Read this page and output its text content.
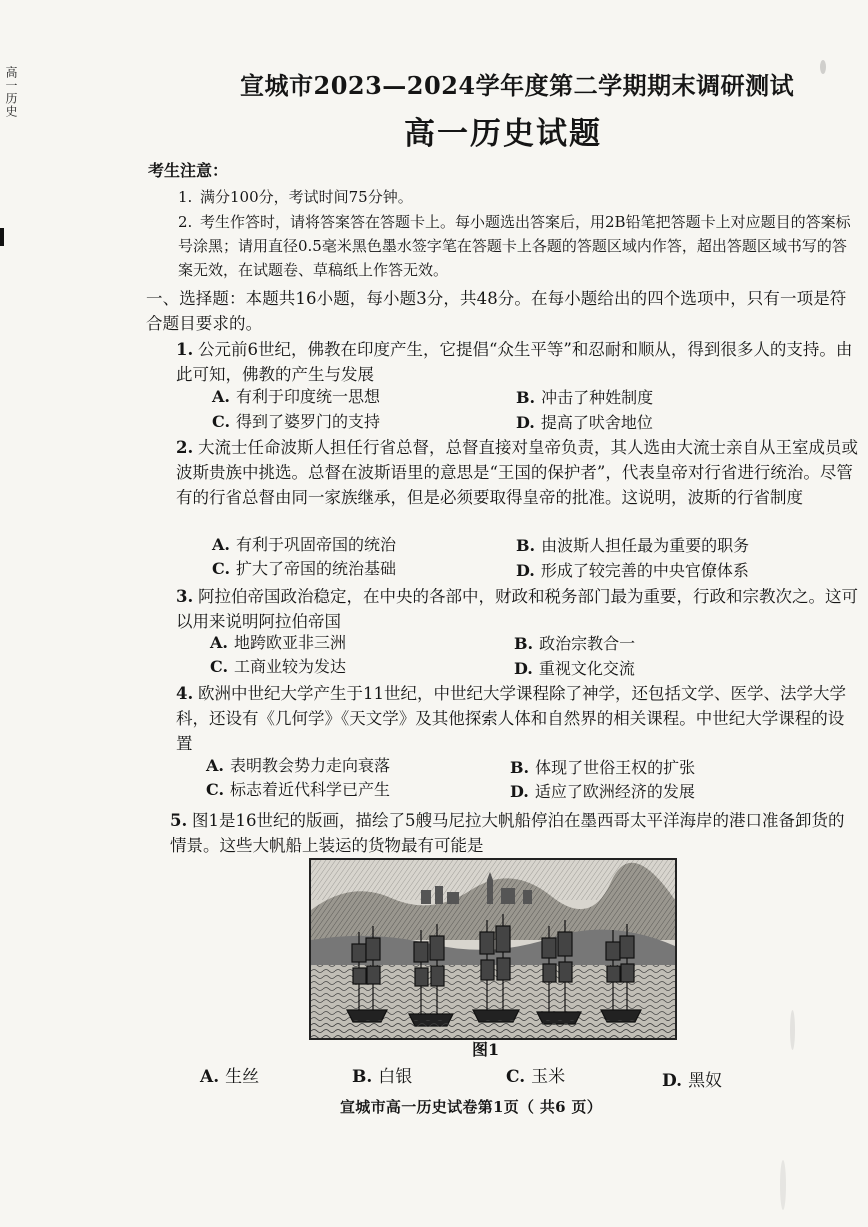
高一历史	宣城市2023—2024学年度第二学期期末调研测试
高一历史试题
考生注意：
1. 满分100分，考试时间75分钟。
2. 考生作答时，请将答案答在答题卡上。每小题选出答案后，用2B铅笔把答题卡上对应题目的答案标号涂黑；请用直径0.5毫米黑色墨水签字笔在答题卡上各题的答题区域内作答，超出答题区域书写的答案无效，在试题卷、草稿纸上作答无效。
一、选择题：本题共16小题，每小题3分，共48分。在每小题给出的四个选项中，只有一项是符合题目要求的。
1. 公元前6世纪，佛教在印度产生，它提倡“众生平等”和忍耐和顺从，得到很多人的支持。由此可知，佛教的产生与发展
A. 有利于印度统一思想	B. 冲击了种姓制度
C. 得到了婆罗门的支持	D. 提高了吠舍地位
2. 大流士任命波斯人担任行省总督，总督直接对皇帝负责，其人选由大流士亲自从王室成员或波斯贵族中挑选。总督在波斯语里的意思是“王国的保护者”，代表皇帝对行省进行统治。尽管有的行省总督由同一家族继承，但是必须要取得皇帝的批准。这说明，波斯的行省制度
A. 有利于巩固帝国的统治	B. 由波斯人担任最为重要的职务
C. 扩大了帝国的统治基础	D. 形成了较完善的中央官僚体系
3. 阿拉伯帝国政治稳定，在中央的各部中，财政和税务部门最为重要，行政和宗教次之。这可以用来说明阿拉伯帝国
A. 地跨欧亚非三洲	B. 政治宗教合一
C. 工商业较为发达	D. 重视文化交流
4. 欧洲中世纪大学产生于11世纪，中世纪大学课程除了神学，还包括文学、医学、法学大学科，还设有《几何学》《天文学》及其他探索人体和自然界的相关课程。中世纪大学课程的设置
A. 表明教会势力走向衰落	B. 体现了世俗王权的扩张
C. 标志着近代科学已产生	D. 适应了欧洲经济的发展
5. 图1是16世纪的版画，描绘了5艘马尼拉大帆船停泊在墨西哥太平洋海岸的港口准备卸货的情景。这些大帆船上装运的货物最有可能是
图1
A. 生丝	B. 白银	C. 玉米	D. 黑奴
宣城市高一历史试卷第1页（ 共6 页）
